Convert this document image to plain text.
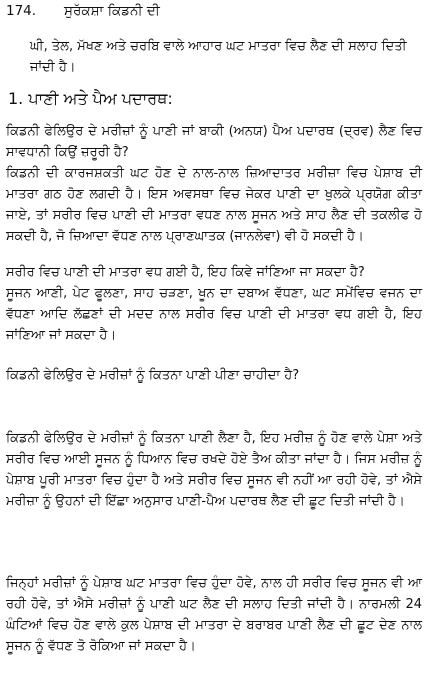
174. ਸੁਰੱਕਸ਼ਾ ਕਿਡਨੀ ਦੀ

ਘੀ, ਤੇਲ, ਮੱਖਣ ਅਤੇ ਚਰਬਿ ਵਾਲੇ ਆਹਾਰ ਘਟ ਮਾਤਰਾ ਵਿਚ ਲੈਣ ਦੀ ਸਲਾਹ ਦਿਤੀ ਜਾਂਦੀ ਹੈ।

1. ਪਾਣੀ ਅਤੇ ਪੈਅ ਪਦਾਰਥ:

ਕਿਡਨੀ ਫੇਲਿਉਰ ਦੇ ਮਰੀਜ਼ਾਂ ਨੂੰ ਪਾਣੀ ਜਾਂ ਬਾਕੀ (ਅਨਯ) ਪੈਅ ਪਦਾਰਥ (ਦ੍ਰਵ) ਲੈਣ ਵਿਚ ਸਾਵਧਾਨੀ ਕਿਉਂ ਜ਼ਰੂਰੀ ਹੈ?

ਕਿਡਨੀ ਦੀ ਕਾਰਜਸ਼ਕਤੀ ਘਟ ਹੋਣ ਦੇ ਨਾਲ-ਨਾਲ ਜ਼ਿਆਦਾਤਰ ਮਰੀਜ਼ਾ ਵਿਚ ਪੇਸ਼ਾਬ ਦੀ ਮਾਤਰਾ ਗਠ ਹੋਣ ਲਗਦੀ ਹੈ। ਇਸ ਅਵਸਥਾ ਵਿਚ ਜੇਕਰ ਪਾਣੀ ਦਾ ਖੁਲਕੇ ਪ੍ਰਯੋਗ ਕੀਤਾ ਜਾਏ, ਤਾਂ ਸਰੀਰ ਵਿਚ ਪਾਣੀ ਦੀ ਮਾਤਰਾ ਵਧਣ ਨਾਲ ਸੂਜਨ ਅਤੇ ਸਾਹ ਲੈਣ ਦੀ ਤਕਲੀਫ ਹੋ ਸਕਦੀ ਹੈ, ਜੋ ਜ਼ਿਆਦਾ ਵੱਧਣ ਨਾਲ ਪ੍ਰਾਣਘਾਤਕ (ਜਾਨਲੇਵਾ) ਵੀ ਹੋ ਸਕਦੀ ਹੈ।

ਸਰੀਰ ਵਿਚ ਪਾਣੀ ਦੀ ਮਾਤਰਾ ਵਧ ਗਈ ਹੈ, ਇਹ ਕਿਵੇ ਜਾਂਣਿਆ ਜਾ ਸਕਦਾ ਹੈ?

ਸੂਜਨ ਆਣੀ, ਪੇਟ ਫੂਲਣਾ, ਸਾਹ ਚੜਣਾ, ਖੂਨ ਦਾ ਦਬਾਅ ਵੱਧਣਾ, ਘਟ ਸਮੇਂਵਿਚ ਵਜਨ ਦਾ ਵੱਧਣਾ ਆਦਿ ਲੱਛਣਾਂ ਦੀ ਮਦਦ ਨਾਲ ਸਰੀਰ ਵਿਚ ਪਾਣੀ ਦੀ ਮਾਤਰਾ ਵਧ ਗਈ ਹੈ, ਇਹ ਜਾਂਣਿਆ ਜਾਂ ਸਕਦਾ ਹੈ।

ਕਿਡਨੀ ਫੇਲਿਉਰ ਦੇ ਮਰੀਜ਼ਾਂ ਨੂੰ ਕਿਤਨਾ ਪਾਣੀ ਪੀਣਾ ਚਾਹੀਦਾ ਹੈ?

ਕਿਡਨੀ ਫੇਲਿਉਰ ਦੇ ਮਰੀਜ਼ਾਂ ਨੂੰ ਕਿਤਨਾ ਪਾਣੀ ਲੈਣਾ ਹੈ, ਇਹ ਮਰੀਜ਼ ਨੂੰ ਹੋਣ ਵਾਲੇ ਪੇਸ਼ਾ ਅਤੇ ਸਰੀਰ ਵਿਚ ਆਈ ਸੂਜਨ ਨੂੰ ਧਿਆਨ ਵਿਚ ਰਖਦੇ ਹੋਏ ਤੈਅ ਕੀਤਾ ਜਾਂਦਾ ਹੈ। ਜਿਸ ਮਰੀਜ਼ ਨੂੰ ਪੇਸ਼ਾਬ ਪੂਰੀ ਮਾਤਰਾ ਵਿਚ ਹੁੰਦਾ ਹੈ ਅਤੇ ਸਰੀਰ ਵਿਚ ਸੂਜਨ ਵੀ ਨਹੀਂ ਆ ਰਹੀ ਹੋਵੇ, ਤਾਂ ਐਸੇ ਮਰੀਜ਼ਾ ਨੂੰ ਉਹਨਾਂ ਦੀ ਇੱਛਾ ਅਨੁਸਾਰ ਪਾਣੀ-ਪੈਅ ਪਦਾਰਥ ਲੈਣ ਦੀ ਛੂਟ ਦਿਤੀ ਜਾਂਦੀ ਹੈ।

ਜਿਨ੍ਹਾਂ ਮਰੀਜ਼ਾਂ ਨੂੰ ਪੇਸ਼ਾਬ ਘਟ ਮਾਤਰਾ ਵਿਚ ਹੁੰਦਾ ਹੋਵੇ, ਨਾਲ ਹੀ ਸਰੀਰ ਵਿਚ ਸੂਜਨ ਵੀ ਆ ਰਹੀ ਹੋਵੇ, ਤਾਂ ਐਸੇ ਮਰੀਜ਼ਾਂ ਨੂੰ ਪਾਣੀ ਘਟ ਲੈਣ ਦੀ ਸਲਾਹ ਦਿਤੀ ਜਾਂਦੀ ਹੈ। ਨਾਰਮਲੀ 24 ਘੰਟਿਆਂ ਵਿਚ ਹੋਣ ਵਾਲੇ ਕੁਲ ਪੇਸ਼ਾਬ ਦੀ ਮਾਤਰਾ ਦੇ ਬਰਾਬਰ ਪਾਣੀ ਲੈਣ ਦੀ ਛੂਟ ਦੇਣ ਨਾਲ ਸੂਜਨ ਨੂੰ ਵੱਧਣ ਤੋ ਰੋਕਿਆ ਜਾਂ ਸਕਦਾ ਹੈ।
